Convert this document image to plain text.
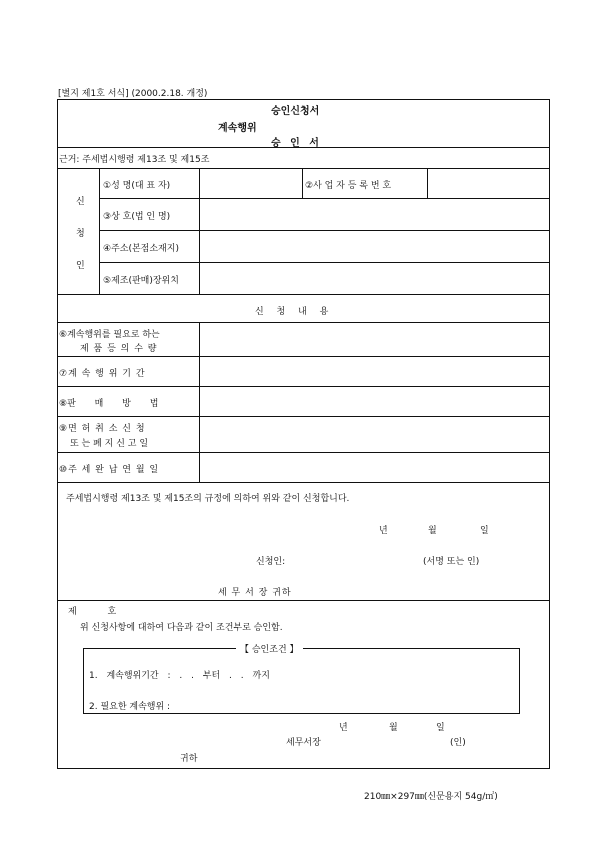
[별지 제1호 서식] (2000.2.18. 개정)
승인신청서
계속행위
승 인 서
근거: 주세법시행령 제13조 및 제15조
신
청
인
①성 명(대 표 자)	②사 업 자 등 록 번 호
③상 호(법 인 명)
④주소(본점소재지)
⑤제조(판매)장위치
신 청 내 용
⑥계속행위를 필요로 하는
제 품 등 의 수 량
⑦계 속 행 위 기 간
⑧판 매 방 법
⑨면 허 취 소 신 청
또 는 폐 지 신 고 일
⑩주 세 완 납 연 월 일
주세법시행령 제13조 및 제15조의 규정에 의하여 위와 같이 신청합니다.
년	월	일
신청인:	(서명 또는 인)
세 무 서 장 귀하
제 호
위 신청사항에 대하여 다음과 같이 조건부로 승인함.
【 승인조건 】
1. 계속행위기간 : . . 부터 . . 까지
2. 필요한 계속행위 :
년	월	일
세무서장	(인)
귀하
210㎜×297㎜(신문용지 54g/㎡)
